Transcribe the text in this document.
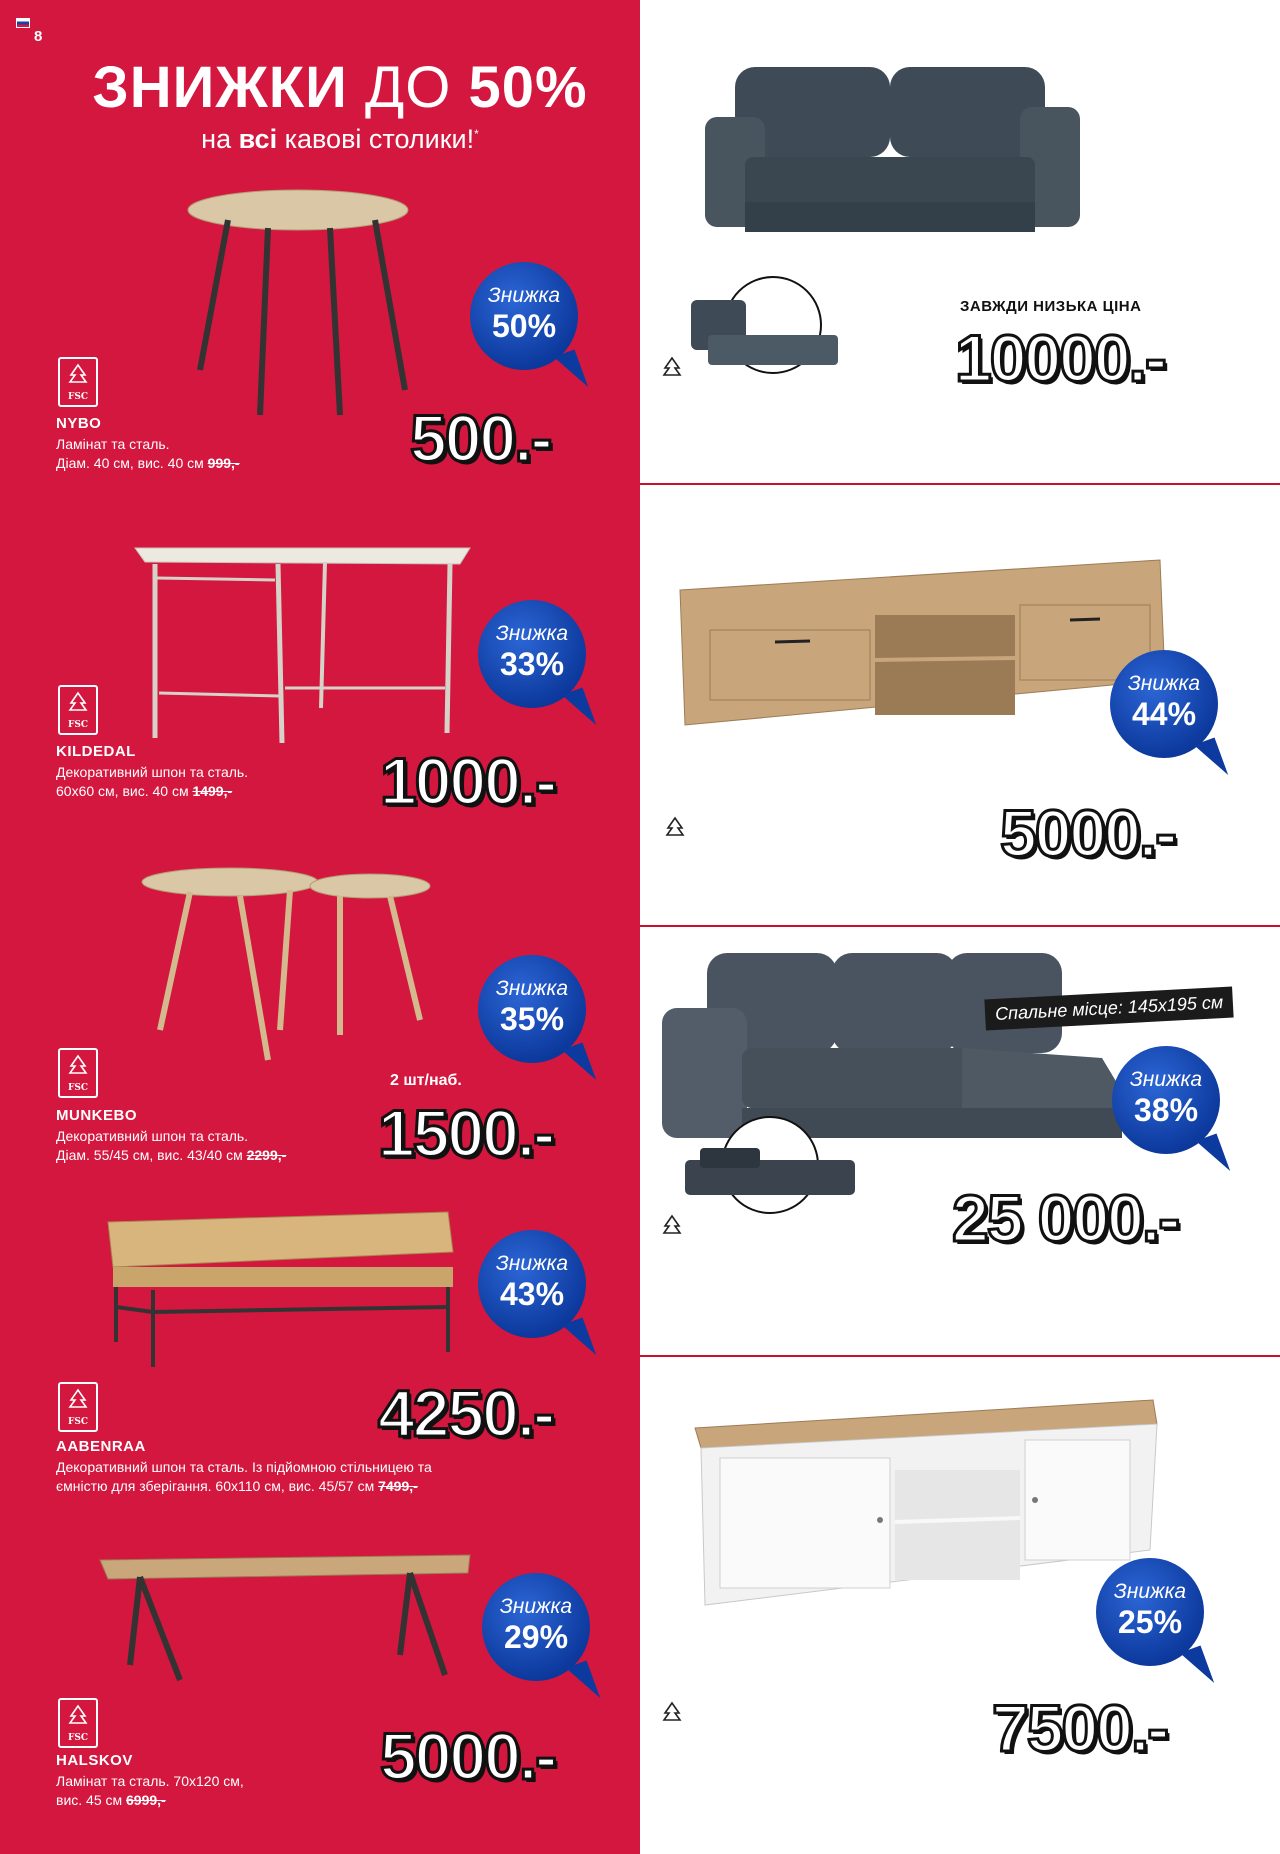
8
ЗНИЖКИ ДО 50%
на всі кавові столики!*
Знижка
50%
FSC
NYBO
Ламінат та сталь.
Діам. 40 см, вис. 40 см 999,-	500.-
Знижка
33%
FSC
KILDEDAL
Декоративний шпон та сталь.
60x60 см, вис. 40 см 1499,- 1000.-
Знижка
35%
2 шт/наб.
FSC
MUNKEBO
Декоративний шпон та сталь.
Діам. 55/45 см, вис. 43/40 см 2299,- 1500.-
Знижка
43%
FSC
AABENRAA
Декоративний шпон та сталь. Із підйомною стільницею та
ємністю для зберігання. 60x110 см, вис. 45/57 см 7499,-
4250.-
Знижка
29%
FSC
HALSKOV
Ламінат та сталь. 70x120 см,
вис. 45 см 6999,-
5000.-
ЗАВЖДИ НИЗЬКА ЦІНА
10000.-
FSC
Диван розкладний SKILLEBEKK**
2-місний розкладний диван. Спальне місце: 126x195 см,
габаритний розмір: 160x69 см, вис. 78 см
Знижка
44%
5000.-
FSC
Тумба під ТВ LINTRUP**
Ламінат та ХДФ. 180x40 см, вис. 50 см 8999,-
Спальне місце: 145x195 см
Знижка
38%
25 000.-
FSC
Диван розкладний кутовий VEJLBY**
3-місний диван із тканинною оббивкою. Подушки сидіння з наповненням із
піноматеріалу та блоку пружин боннель. Із ємністю для зберігання.
Кут змінний. Габаритні розміри: 243x86/156 см, вис. 86 см 39999,-
Знижка
25%
7500.-
FSC
Тумба під ТВ MARKSKEL**
Ламінат та МДФ. 160x43 см,
вис. 54 см 9999,-
